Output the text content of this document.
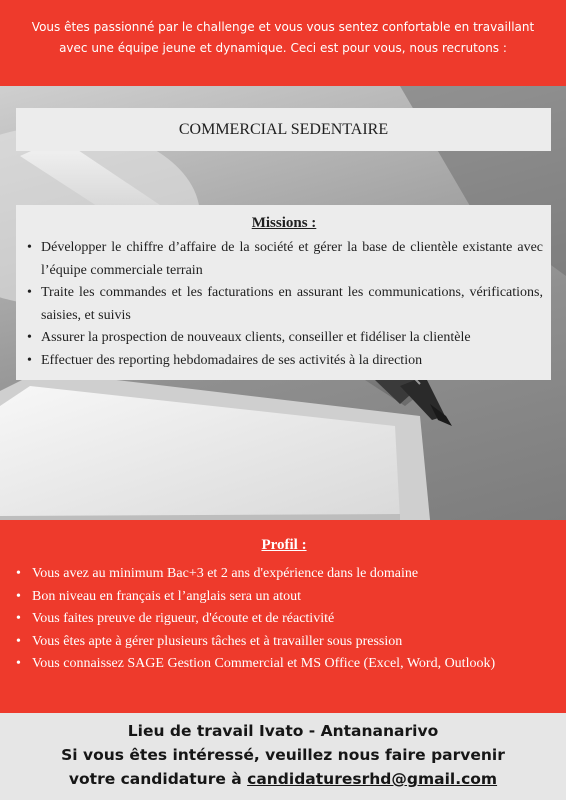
Vous êtes passionné par le challenge et vous vous sentez confortable en travaillant avec une équipe jeune et dynamique. Ceci est pour vous, nous recrutons :

COMMERCIAL SEDENTAIRE
Missions :
• Développer le chiffre d’affaire de la société et gérer la base de clientèle existante avec l’équipe commerciale terrain
• Traite les commandes et les facturations en assurant les communications, vérifications, saisies, et suivis
• Assurer la prospection de nouveaux clients, conseiller et fidéliser la clientèle
• Effectuer des reporting hebdomadaires de ses activités à la direction
Profil :
• Vous avez au minimum Bac+3 et 2 ans d'expérience dans le domaine
• Bon niveau en français et l’anglais sera un atout
• Vous faites preuve de rigueur, d'écoute et de réactivité
• Vous êtes apte à gérer plusieurs tâches et à travailler sous pression
• Vous connaissez SAGE Gestion Commercial et MS Office (Excel, Word, Outlook)
Lieu de travail Ivato - Antananarivo
Si vous êtes intéressé, veuillez nous faire parvenir
votre candidature à candidaturesrhd@gmail.com
